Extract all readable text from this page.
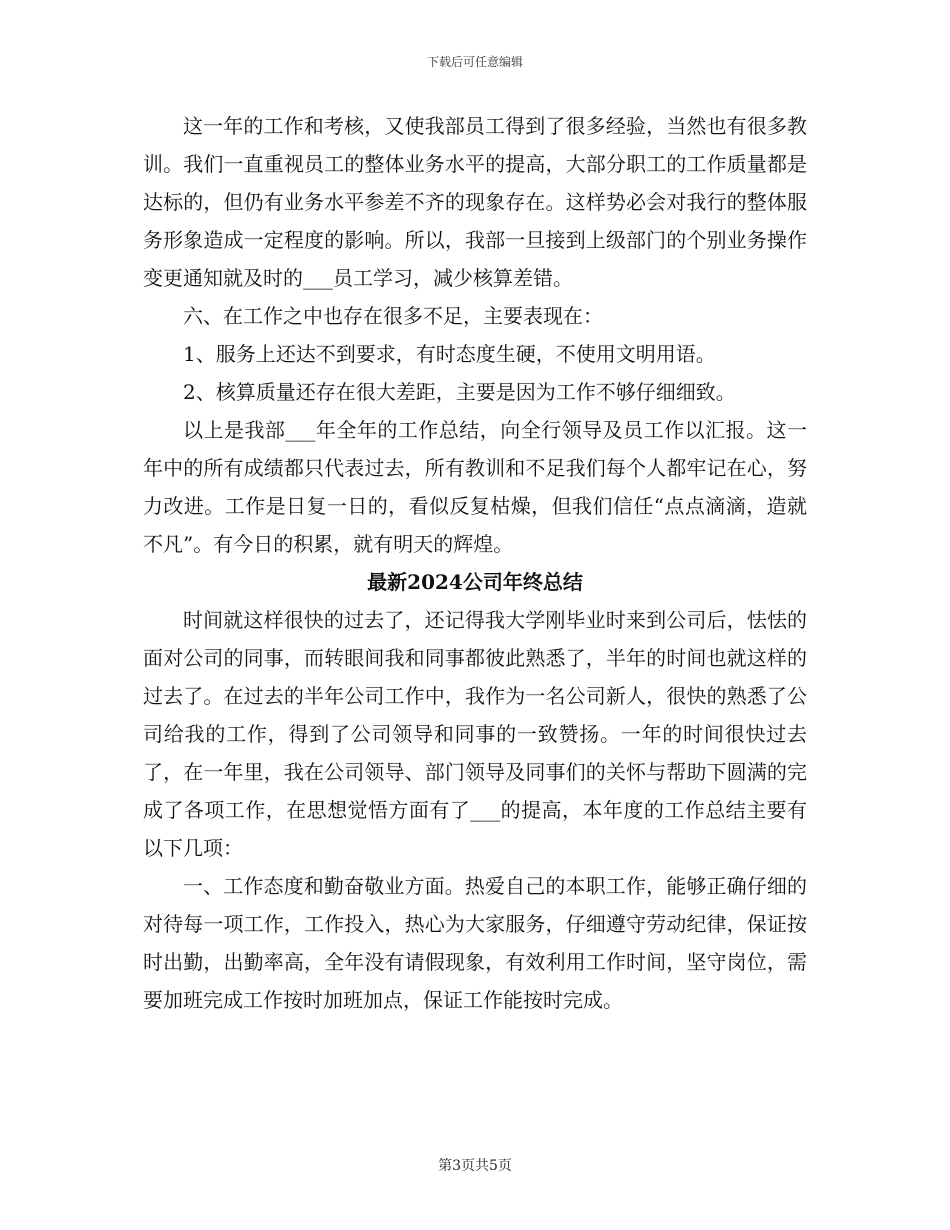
下载后可任意编辑

这一年的工作和考核，又使我部员工得到了很多经验，当然也有很多教训。我们一直重视员工的整体业务水平的提高，大部分职工的工作质量都是达标的，但仍有业务水平参差不齐的现象存在。这样势必会对我行的整体服务形象造成一定程度的影响。所以，我部一旦接到上级部门的个别业务操作变更通知就及时的___员工学习，减少核算差错。

六、在工作之中也存在很多不足，主要表现在：

1、服务上还达不到要求，有时态度生硬，不使用文明用语。

2、核算质量还存在很大差距，主要是因为工作不够仔细细致。

以上是我部___年全年的工作总结，向全行领导及员工作以汇报。这一年中的所有成绩都只代表过去，所有教训和不足我们每个人都牢记在心，努力改进。工作是日复一日的，看似反复枯燥，但我们信任“点点滴滴，造就不凡”。有今日的积累，就有明天的辉煌。

最新2024公司年终总结

时间就这样很快的过去了，还记得我大学刚毕业时来到公司后，怯怯的面对公司的同事，而转眼间我和同事都彼此熟悉了，半年的时间也就这样的过去了。在过去的半年公司工作中，我作为一名公司新人，很快的熟悉了公司给我的工作，得到了公司领导和同事的一致赞扬。一年的时间很快过去了，在一年里，我在公司领导、部门领导及同事们的关怀与帮助下圆满的完成了各项工作，在思想觉悟方面有了___的提高，本年度的工作总结主要有以下几项：

一、工作态度和勤奋敬业方面。热爱自己的本职工作，能够正确仔细的对待每一项工作，工作投入，热心为大家服务，仔细遵守劳动纪律，保证按时出勤，出勤率高，全年没有请假现象，有效利用工作时间，坚守岗位，需要加班完成工作按时加班加点，保证工作能按时完成。

第3页共5页
